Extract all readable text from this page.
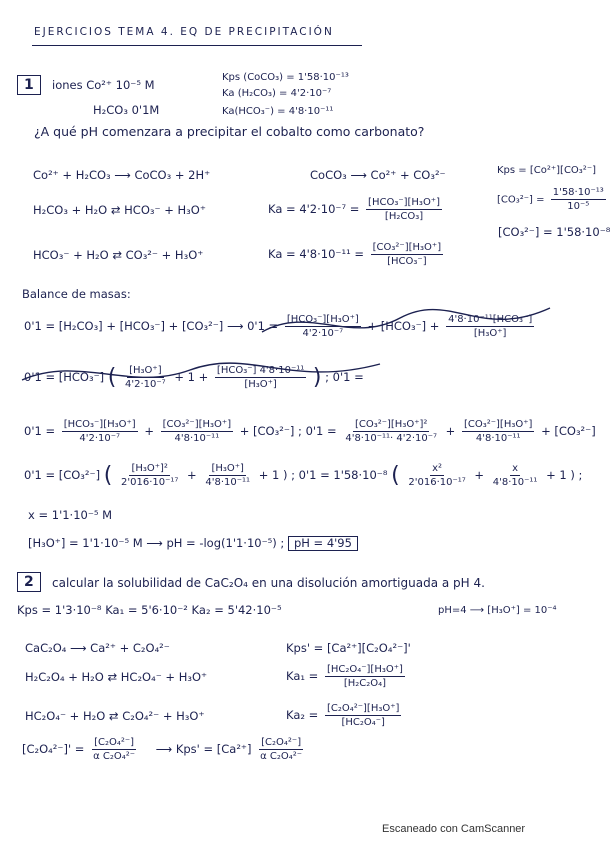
EJERCICIOS TEMA 4. EQ DE PRECIPITACIÓN
1	iones Co²⁺ 10⁻⁵ M
H₂CO₃ 0'1M
Kps (CoCO₃) = 1'58·10⁻¹³
Ka (H₂CO₃) = 4'2·10⁻⁷
Ka(HCO₃⁻) = 4'8·10⁻¹¹
¿A qué pH comenzara a precipitar el cobalto como carbonato?
Co²⁺ + H₂CO₃ ⟶ CoCO₃ + 2H⁺	CoCO₃ ⟶ Co²⁺ + CO₃²⁻	Kps = [Co²⁺][CO₃²⁻]
$[CO_3^{2-}] = \frac{\text{1'58·10⁻¹³}}{\text{10⁻⁵}}$
[CO₃²⁻] = 1'58·10⁻⁸
H₂CO₃ + H₂O ⇄ HCO₃⁻ + H₃O⁺	$Ka = 4'2\cdot 10^{-7} = \frac{\text{[HCO₃⁻][H₃O⁺]}}{\text{[H₂CO₃]}}$
HCO₃⁻ + H₂O ⇄ CO₃²⁻ + H₃O⁺	$Ka = 4'8\cdot 10^{-11} = \frac{\text{[CO₃²⁻][H₃O⁺]}}{\text{[HCO₃⁻]}}$
Balance de masas:
0'1 = [H₂CO₃] + [HCO₃⁻] + [CO₃²⁻] ⟶ $0'1 = \frac{\text{[HCO₃⁻][H₃O⁺]}}{\text{4'2·10⁻⁷}} + [HCO_3^-] + \frac{\text{4'8·10⁻¹¹[HCO₃⁻]}}{\text{[H₃O⁺]}}$
0'1 = [HCO₃⁻] ( $\frac{\text{[H₃O⁺]}}{\text{4'2·10⁻⁷}} + 1 + \frac{\text{[HCO₃⁻] 4'8·10⁻¹¹}}{\text{[H₃O⁺]}}$ ) ; 0'1 =
$0'1 = \frac{\text{[HCO₃⁻][H₃O⁺]}}{\text{4'2·10⁻⁷}} + \frac{\text{[CO₃²⁻][H₃O⁺]}}{\text{4'8·10⁻¹¹}} + [CO_3^{2-}]$ ; $0'1 = \frac{\text{[CO₃²⁻][H₃O⁺]²}}{\text{4'8·10⁻¹¹· 4'2·10⁻⁷}} + \frac{\text{[CO₃²⁻][H₃O⁺]}}{\text{4'8·10⁻¹¹}} + [CO_3^{2-}]$
0'1 = [CO₃²⁻] ( $\frac{\text{[H₃O⁺]²}}{\text{2'016·10⁻¹⁷}} + \frac{\text{[H₃O⁺]}}{\text{4'8·10⁻¹¹}} + 1$ ) ; 0'1 = 1'58·10⁻⁸ ( $\frac{\text{x²}}{\text{2'016·10⁻¹⁷}} + \frac{x}{\text{4'8·10⁻¹¹}} + 1$ ) ;
x = 1'1·10⁻⁵ M
[H₃O⁺] = 1'1·10⁻⁵ M ⟶ pH = -log(1'1·10⁻⁵) ; pH = 4'95
2	calcular la solubilidad de CaC₂O₄ en una disolución amortiguada a pH 4.
Kps = 1'3·10⁻⁸ Ka₁ = 5'6·10⁻² Ka₂ = 5'42·10⁻⁵	pH=4 ⟶ [H₃O⁺] = 10⁻⁴
CaC₂O₄ ⟶ Ca²⁺ + C₂O₄²⁻	Kps' = [Ca²⁺][C₂O₄²⁻]'
H₂C₂O₄ + H₂O ⇄ HC₂O₄⁻ + H₃O⁺	$Ka_1 = \frac{\text{[HC₂O₄⁻][H₃O⁺]}}{\text{[H₂C₂O₄]}}$
HC₂O₄⁻ + H₂O ⇄ C₂O₄²⁻ + H₃O⁺	$Ka_2 = \frac{\text{[C₂O₄²⁻][H₃O⁺]}}{\text{[HC₂O₄⁻]}}$
$[C_2O_4^{2-}]' = \frac{\text{[C₂O₄²⁻]}}{\text{α C₂O₄²⁻}}$ ⟶ $Kps' = [Ca^{2+}] \frac{\text{[C₂O₄²⁻]}}{\text{α C₂O₄²⁻}}$
Escaneado con CamScanner
